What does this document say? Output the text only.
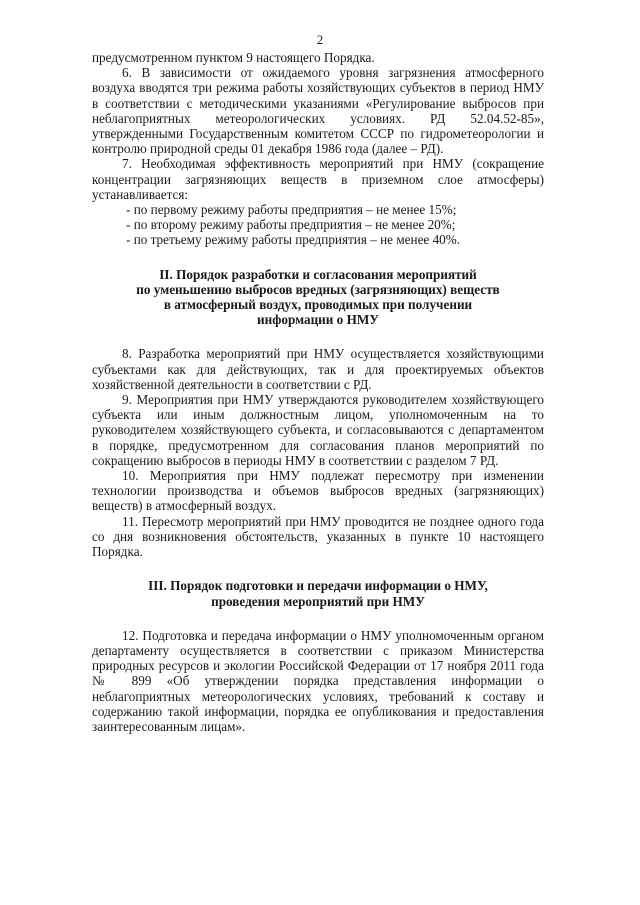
2

предусмотренном пунктом 9 настоящего Порядка.

6. В зависимости от ожидаемого уровня загрязнения атмосферного воздуха вводятся три режима работы хозяйствующих субъектов в период НМУ в соответствии с методическими указаниями «Регулирование выбросов при неблагоприятных метеорологических условиях. РД 52.04.52-85», утвержденными Государственным комитетом СССР по гидрометеорологии и контролю природной среды 01 декабря 1986 года (далее – РД).

7. Необходимая эффективность мероприятий при НМУ (сокращение концентрации загрязняющих веществ в приземном слое атмосферы) устанавливается:

- по первому режиму работы предприятия – не менее 15%;
- по второму режиму работы предприятия – не менее 20%;
- по третьему режиму работы предприятия – не менее 40%.
II. Порядок разработки и согласования мероприятий
по уменьшению выбросов вредных (загрязняющих) веществ
в атмосферный воздух, проводимых при получении
информации о НМУ

8. Разработка мероприятий при НМУ осуществляется хозяйствующими субъектами как для действующих, так и для проектируемых объектов хозяйственной деятельности в соответствии с РД.

9. Мероприятия при НМУ утверждаются руководителем хозяйствующего субъекта или иным должностным лицом, уполномоченным на то руководителем хозяйствующего субъекта, и согласовываются с департаментом в порядке, предусмотренном для согласования планов мероприятий по сокращению выбросов в периоды НМУ в соответствии с разделом 7 РД.

10. Мероприятия при НМУ подлежат пересмотру при изменении технологии производства и объемов выбросов вредных (загрязняющих) веществ) в атмосферный воздух.

11. Пересмотр мероприятий при НМУ проводится не позднее одного года со дня возникновения обстоятельств, указанных в пункте 10 настоящего Порядка.

III. Порядок подготовки и передачи информации о НМУ,
проведения мероприятий при НМУ

12. Подготовка и передача информации о НМУ уполномоченным органом департаменту осуществляется в соответствии с приказом Министерства природных ресурсов и экологии Российской Федерации от 17 ноября 2011 года № 899 «Об утверждении порядка представления информации о неблагоприятных метеорологических условиях, требований к составу и содержанию такой информации, порядка ее опубликования и предоставления заинтересованным лицам».
